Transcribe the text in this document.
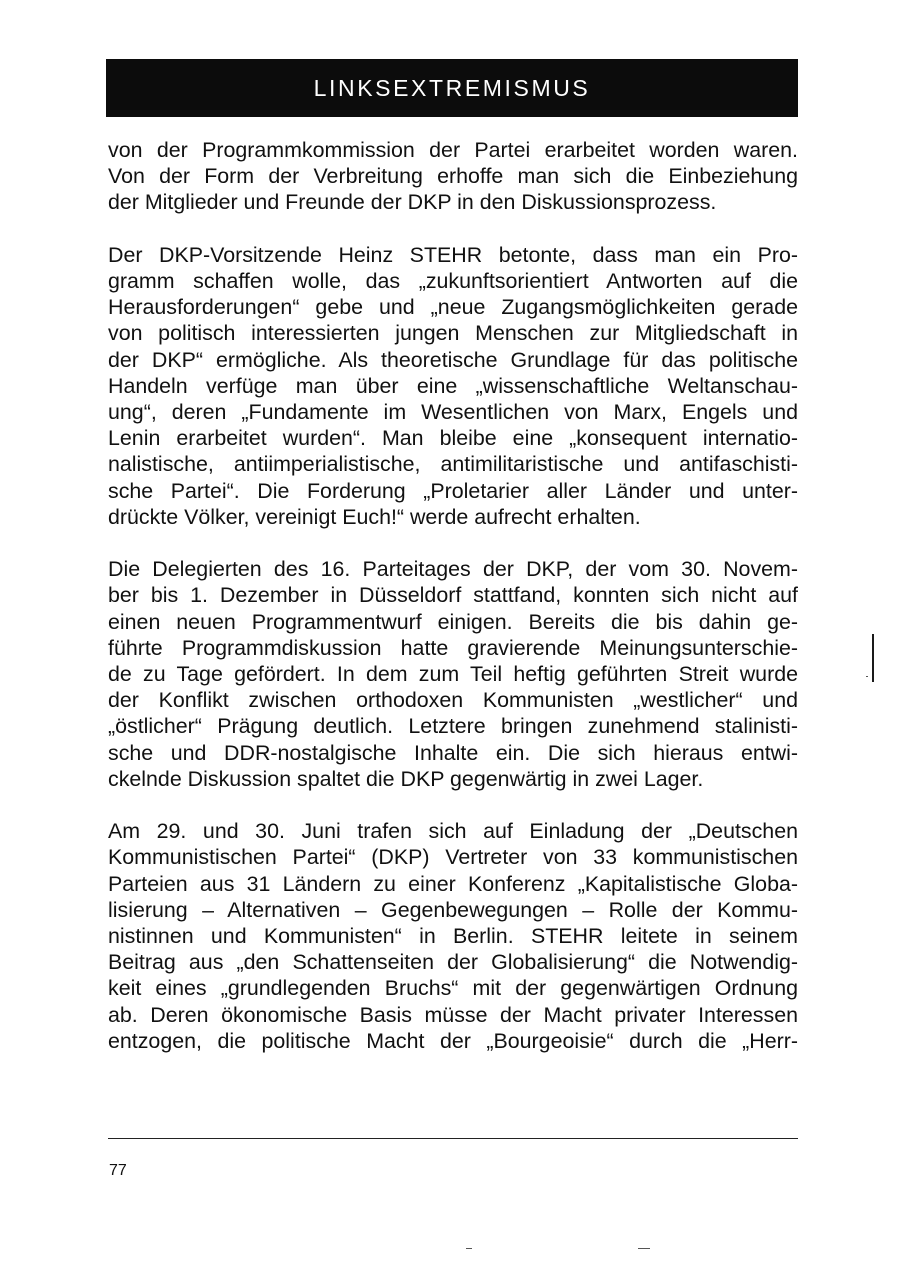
LINKSEXTREMISMUS
von der Programmkommission der Partei erarbeitet worden waren.
Von der Form der Verbreitung erhoffe man sich die Einbeziehung
der Mitglieder und Freunde der DKP in den Diskussionsprozess.
Der DKP-Vorsitzende Heinz STEHR betonte, dass man ein Pro-
gramm schaffen wolle, das „zukunftsorientiert Antworten auf die
Herausforderungen“ gebe und „neue Zugangsmöglichkeiten gerade
von politisch interessierten jungen Menschen zur Mitgliedschaft in
der DKP“ ermögliche. Als theoretische Grundlage für das politische
Handeln verfüge man über eine „wissenschaftliche Weltanschau-
ung“, deren „Fundamente im Wesentlichen von Marx, Engels und
Lenin erarbeitet wurden“. Man bleibe eine „konsequent internatio-
nalistische, antiimperialistische, antimilitaristische und antifaschisti-
sche Partei“. Die Forderung „Proletarier aller Länder und unter-
drückte Völker, vereinigt Euch!“ werde aufrecht erhalten.
Die Delegierten des 16. Parteitages der DKP, der vom 30. Novem-
ber bis 1. Dezember in Düsseldorf stattfand, konnten sich nicht auf
einen neuen Programmentwurf einigen. Bereits die bis dahin ge-
führte Programmdiskussion hatte gravierende Meinungsunterschie-
de zu Tage gefördert. In dem zum Teil heftig geführten Streit wurde
der Konflikt zwischen orthodoxen Kommunisten „westlicher“ und
„östlicher“ Prägung deutlich. Letztere bringen zunehmend stalinisti-
sche und DDR-nostalgische Inhalte ein. Die sich hieraus entwi-
ckelnde Diskussion spaltet die DKP gegenwärtig in zwei Lager.
Am 29. und 30. Juni trafen sich auf Einladung der „Deutschen
Kommunistischen Partei“ (DKP) Vertreter von 33 kommunistischen
Parteien aus 31 Ländern zu einer Konferenz „Kapitalistische Globa-
lisierung – Alternativen – Gegenbewegungen – Rolle der Kommu-
nistinnen und Kommunisten“ in Berlin. STEHR leitete in seinem
Beitrag aus „den Schattenseiten der Globalisierung“ die Notwendig-
keit eines „grundlegenden Bruchs“ mit der gegenwärtigen Ordnung
ab. Deren ökonomische Basis müsse der Macht privater Interessen
entzogen, die politische Macht der „Bourgeoisie“ durch die „Herr-
77
